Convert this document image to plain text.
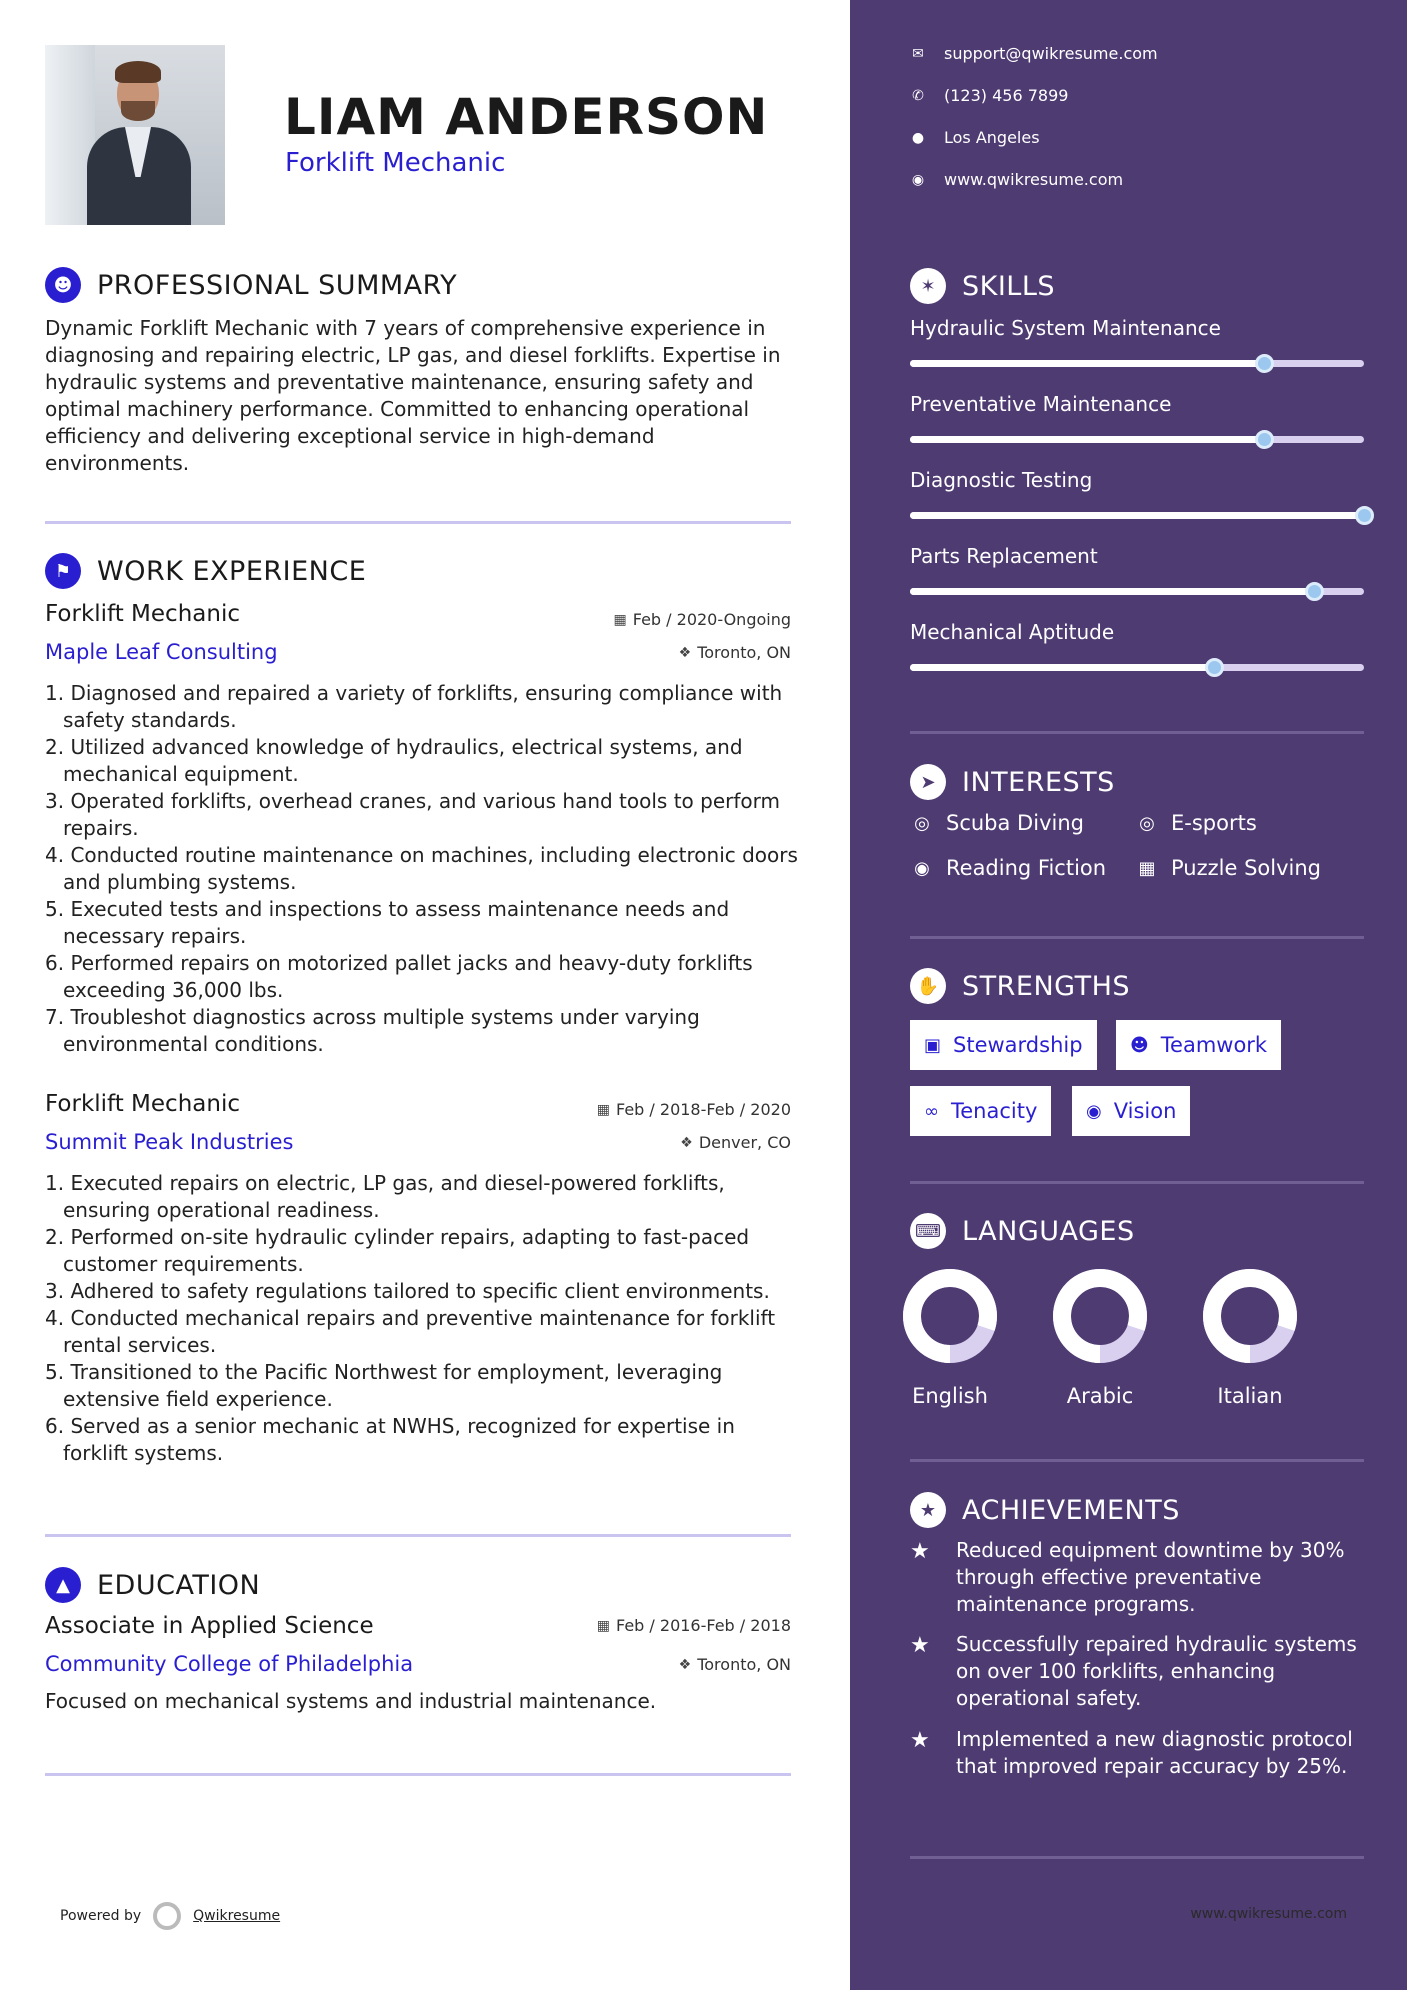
LIAM ANDERSON
Forklift Mechanic
☻ PROFESSIONAL SUMMARY
Dynamic Forklift Mechanic with 7 years of comprehensive experience in diagnosing and repairing electric, LP gas, and diesel forklifts. Expertise in hydraulic systems and preventative maintenance, ensuring safety and optimal machinery performance. Committed to enhancing operational efficiency and delivering exceptional service in high-demand environments.
⚑ WORK EXPERIENCE
Forklift Mechanic	▦ Feb / 2020-Ongoing
Maple Leaf Consulting	❖ Toronto, ON
1. Diagnosed and repaired a variety of forklifts, ensuring compliance with safety standards.
2. Utilized advanced knowledge of hydraulics, electrical systems, and mechanical equipment.
3. Operated forklifts, overhead cranes, and various hand tools to perform repairs.
4. Conducted routine maintenance on machines, including electronic doors and plumbing systems.
5. Executed tests and inspections to assess maintenance needs and necessary repairs.
6. Performed repairs on motorized pallet jacks and heavy-duty forklifts exceeding 36,000 lbs.
7. Troubleshot diagnostics across multiple systems under varying environmental conditions.
Forklift Mechanic	▦ Feb / 2018-Feb / 2020
Summit Peak Industries	❖ Denver, CO
1. Executed repairs on electric, LP gas, and diesel-powered forklifts, ensuring operational readiness.
2. Performed on-site hydraulic cylinder repairs, adapting to fast-paced customer requirements.
3. Adhered to safety regulations tailored to specific client environments.
4. Conducted mechanical repairs and preventive maintenance for forklift rental services.
5. Transitioned to the Pacific Northwest for employment, leveraging extensive field experience.
6. Served as a senior mechanic at NWHS, recognized for expertise in forklift systems.
▲	EDUCATION
Associate in Applied Science	▦ Feb / 2016-Feb / 2018
Community College of Philadelphia	❖ Toronto, ON
Focused on mechanical systems and industrial maintenance.
Powered by	Qwikresume
✉ support@qwikresume.com
✆ (123) 456 7899
● Los Angeles
◉ www.qwikresume.com
✶ SKILLS
Hydraulic System Maintenance
Preventative Maintenance
Diagnostic Testing
Parts Replacement
Mechanical Aptitude
➤ INTERESTS
◎ Scuba Diving	◎ E-sports
◉ Reading Fiction ▦ Puzzle Solving
✋ STRENGTHS
▣ Stewardship	☻ Teamwork
∞ Tenacity	◉ Vision
⌨ LANGUAGES
English	Arabic	Italian
★ ACHIEVEMENTS
★	Reduced equipment downtime by 30% through effective preventative maintenance programs.
★	Successfully repaired hydraulic systems on over 100 forklifts, enhancing operational safety.
★	Implemented a new diagnostic protocol that improved repair accuracy by 25%.
www.qwikresume.com
